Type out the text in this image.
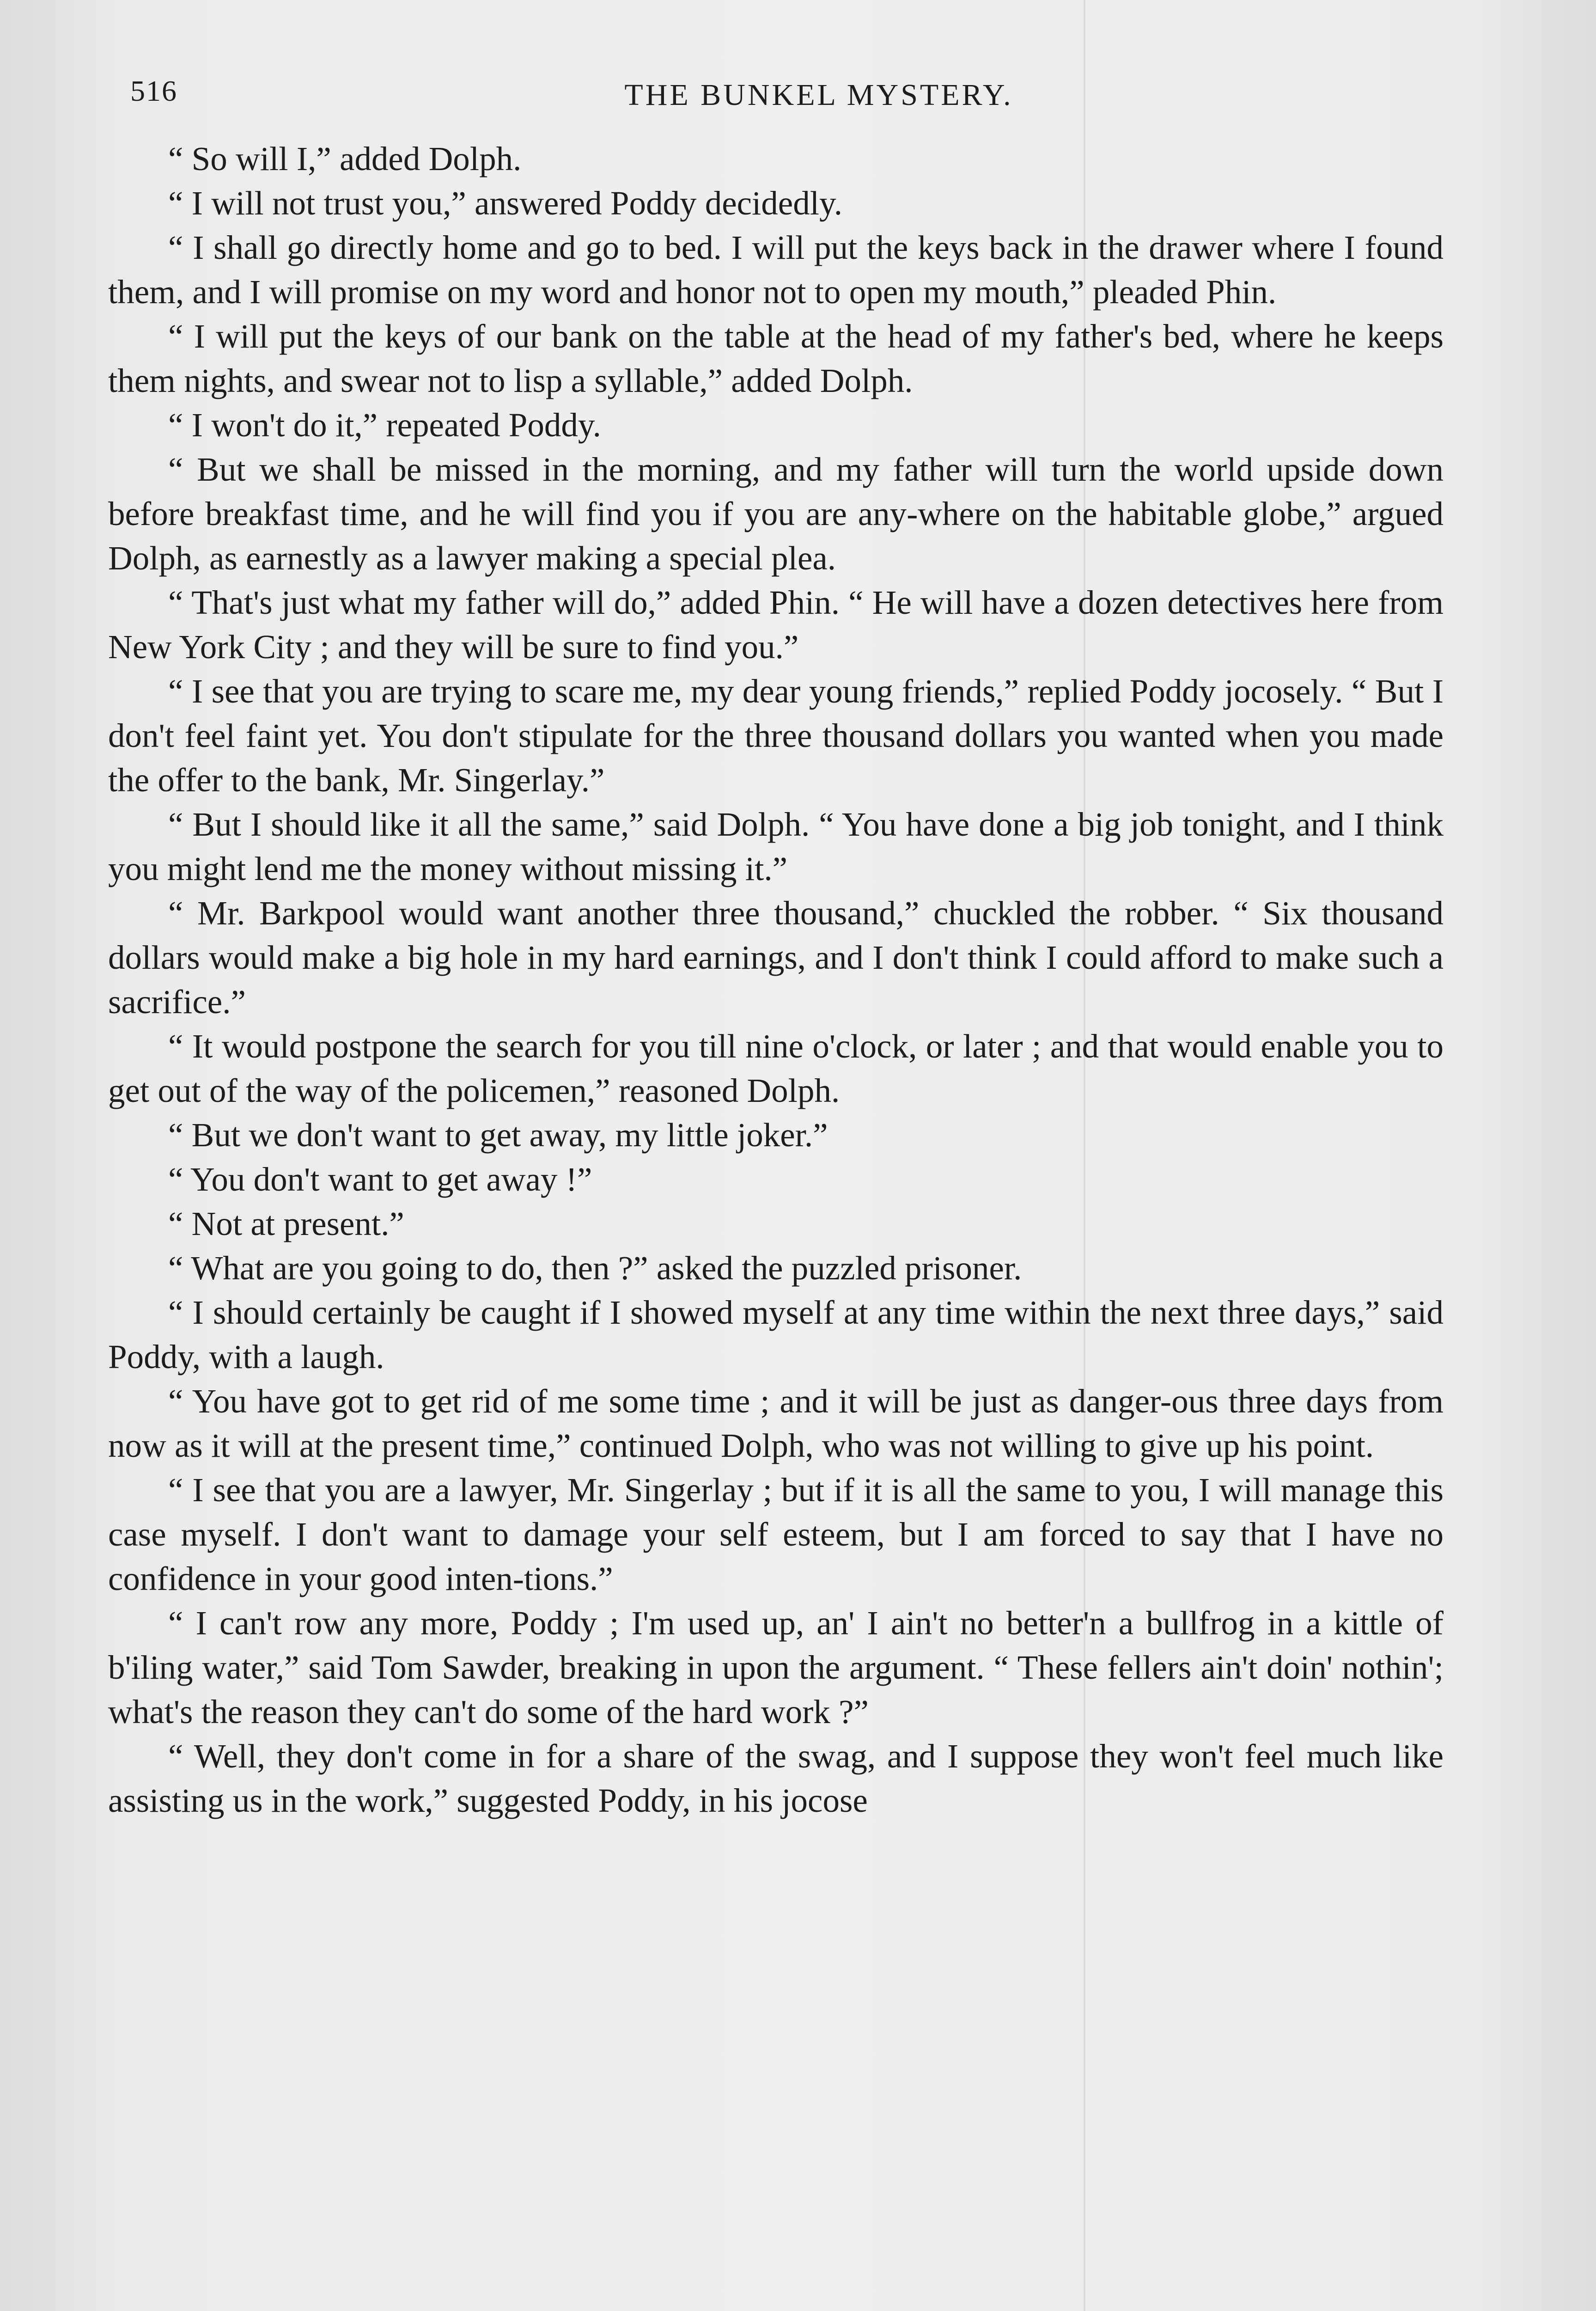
516	THE BUNKEL MYSTERY.

“ So will I,” added Dolph.

“ I will not trust you,” answered Poddy decidedly.

“ I shall go directly home and go to bed. I will put the keys back in the drawer where I found them, and I will promise on my word and honor not to open my mouth,” pleaded Phin.

“ I will put the keys of our bank on the table at the head of my father's bed, where he keeps them nights, and swear not to lisp a syllable,” added Dolph.

“ I won't do it,” repeated Poddy.

“ But we shall be missed in the morning, and my father will turn the world upside down before breakfast time, and he will find you if you are any-where on the habitable globe,” argued Dolph, as earnestly as a lawyer making a special plea.

“ That's just what my father will do,” added Phin. “ He will have a dozen detectives here from New York City ; and they will be sure to find you.”

“ I see that you are trying to scare me, my dear young friends,” replied Poddy jocosely. “ But I don't feel faint yet. You don't stipulate for the three thousand dollars you wanted when you made the offer to the bank, Mr. Singerlay.”

“ But I should like it all the same,” said Dolph. “ You have done a big job tonight, and I think you might lend me the money without missing it.”

“ Mr. Barkpool would want another three thousand,” chuckled the robber. “ Six thousand dollars would make a big hole in my hard earnings, and I don't think I could afford to make such a sacrifice.”

“ It would postpone the search for you till nine o'clock, or later ; and that would enable you to get out of the way of the policemen,” reasoned Dolph.

“ But we don't want to get away, my little joker.”

“ You don't want to get away !”

“ Not at present.”

“ What are you going to do, then ?” asked the puzzled prisoner.

“ I should certainly be caught if I showed myself at any time within the next three days,” said Poddy, with a laugh.

“ You have got to get rid of me some time ; and it will be just as danger-ous three days from now as it will at the present time,” continued Dolph, who was not willing to give up his point.

“ I see that you are a lawyer, Mr. Singerlay ; but if it is all the same to you, I will manage this case myself. I don't want to damage your self esteem, but I am forced to say that I have no confidence in your good inten-tions.”

“ I can't row any more, Poddy ; I'm used up, an' I ain't no better'n a bullfrog in a kittle of b'iling water,” said Tom Sawder, breaking in upon the argument. “ These fellers ain't doin' nothin'; what's the reason they can't do some of the hard work ?”

“ Well, they don't come in for a share of the swag, and I suppose they won't feel much like assisting us in the work,” suggested Poddy, in his jocose
